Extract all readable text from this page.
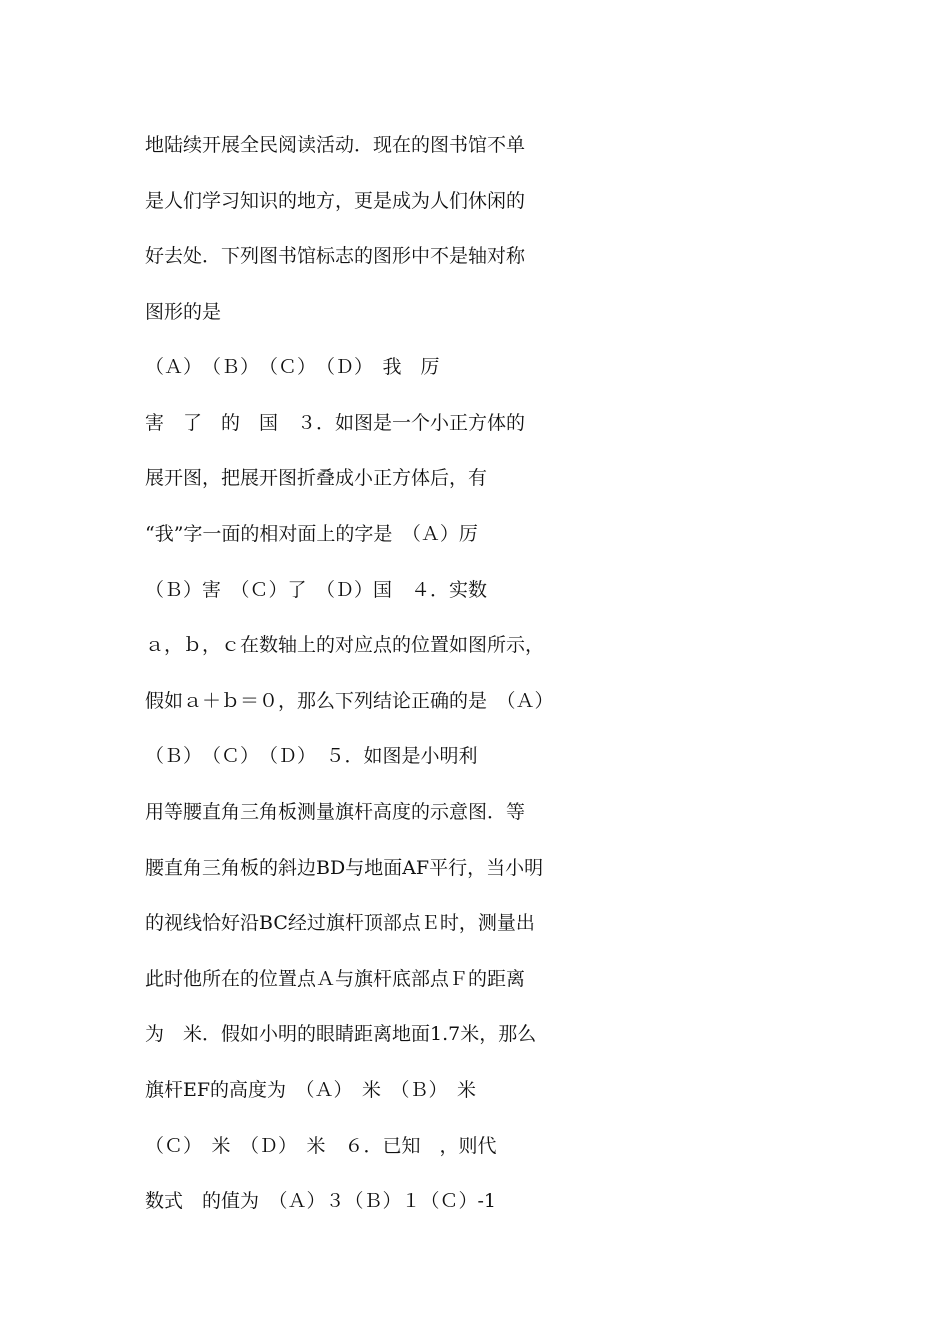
地陆续开展全民阅读活动．现在的图书馆不单
是人们学习知识的地方，更是成为人们休闲的
好去处．下列图书馆标志的图形中不是轴对称
图形的是
（Ａ）　（Ｂ）　（Ｃ）　（Ｄ）　我　厉
害　了　的　国　３．如图是一个小正方体的
展开图，把展开图折叠成小正方体后，有
“我”字一面的相对面上的字是　（Ａ）厉
（Ｂ）害　（Ｃ）了　（Ｄ）国　４．实数
ａ，ｂ，ｃ在数轴上的对应点的位置如图所示，
假如ａ＋ｂ＝０，那么下列结论正确的是　（Ａ）
（Ｂ）　（Ｃ）　（Ｄ）　５．如图是小明利
用等腰直角三角板测量旗杆高度的示意图．等
腰直角三角板的斜边BD与地面AF平行，当小明
的视线恰好沿BC经过旗杆顶部点Ｅ时，测量出
此时他所在的位置点Ａ与旗杆底部点Ｆ的距离
为　米．假如小明的眼睛距离地面1.7米，那么
旗杆EF的高度为　（Ａ）　米　（Ｂ）　米
（Ｃ）　米　（Ｄ）　米　６．已知　，则代
数式　的值为　（Ａ）３（Ｂ）１（Ｃ）-1
